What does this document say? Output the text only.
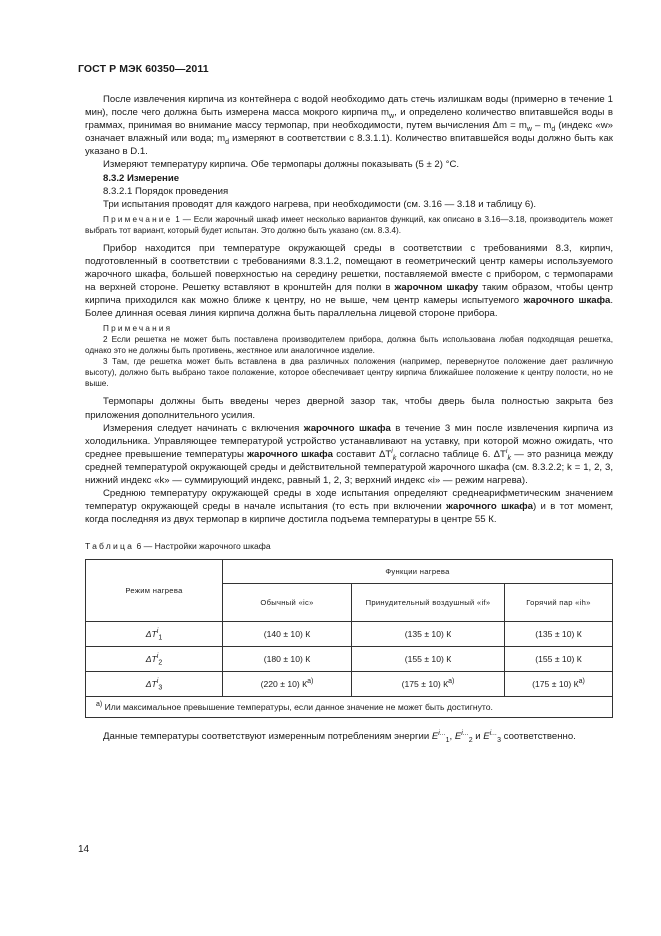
ГОСТ Р МЭК 60350—2011

После извлечения кирпича из контейнера с водой необходимо дать стечь излишкам воды (примерно в течение 1 мин), после чего должна быть измерена масса мокрого кирпича $m_w$, и определено количество впитавшейся воды в граммах, принимая во внимание массу термопар, при необходимости, путем вычисления $\Delta m = m_w - m_d$ (индекс «w» означает влажный или вода; $m_d$ измеряют в соответствии с 8.3.1.1). Количество впитавшейся воды должно быть как указано в D.1.

Измеряют температуру кирпича. Обе термопары должны показывать (5 ± 2) °С.

8.3.2 Измерение

8.3.2.1 Порядок проведения

Три испытания проводят для каждого нагрева, при необходимости (см. 3.16 — 3.18 и таблицу 6).

Примечание 1 — Если жарочный шкаф имеет несколько вариантов функций, как описано в 3.16—3.18, производитель может выбрать тот вариант, который будет испытан. Это должно быть указано (см. 8.3.4).

Прибор находится при температуре окружающей среды в соответствии с требованиями 8.3, кирпич, подготовленный в соответствии с требованиями 8.3.1.2, помещают в геометрический центр камеры используемого жарочного шкафа, большей поверхностью на середину решетки, поставляемой вместе с прибором, с термопарами на верхней стороне. Решетку вставляют в кронштейн для полки в жарочном шкафу таким образом, чтобы центр кирпича приходился как можно ближе к центру, но не выше, чем центр камеры испытуемого жарочного шкафа. Более длинная осевая линия кирпича должна быть параллельна лицевой стороне прибора.

Примечания

2 Если решетка не может быть поставлена производителем прибора, должна быть использована любая подходящая решетка, однако это не должны быть противень, жестяное или аналогичное изделие.

3 Там, где решетка может быть вставлена в два различных положения (например, перевернутое положение дает различную высоту), должно быть выбрано такое положение, которое обеспечивает центру кирпича ближайшее положение к центру полости, но не выше.

Термопары должны быть введены через дверной зазор так, чтобы дверь была полностью закрыта без приложения дополнительного усилия.

Измерения следует начинать с включения жарочного шкафа в течение 3 мин после извлечения кирпича из холодильника. Управляющее температурой устройство устанавливают на уставку, при которой можно ожидать, что среднее превышение температуры жарочного шкафа составит $\Delta T^i_k$ согласно таблице 6. $\Delta T^i_k$ — это разница между средней температурой окружающей среды и действительной температурой жарочного шкафа (см. 8.3.2.2; k = 1, 2, 3, нижний индекс «k» — суммирующий индекс, равный 1, 2, 3; верхний индекс «i» — режим нагрева).

Среднюю температуру окружающей среды в ходе испытания определяют среднеарифметическим значением температур окружающей среды в начале испытания (то есть при включении жарочного шкафа) и в тот момент, когда последняя из двух термопар в кирпиче достигла подъема температуры в центре 55 К.

Таблица 6 — Настройки жарочного шкафа

Режим нагрева	Функции нагрева		
	Обычный «ic»	Принудительный воздушный «if»	Горячий пар «ih»
$\Delta T^i_1$	(140 ± 10) К	(135 ± 10) К	(135 ± 10) К
$\Delta T^i_2$	(180 ± 10) К	(155 ± 10) К	(155 ± 10) К
$\Delta T^i_3$	(220 ± 10) $К^{а)}$	(175 ± 10) $К^{а)}$	(175 ± 10) $К^{а)}$
$^{а)}$ Или максимальное превышение температуры, если данное значение не может быть достигнуто.			

Данные температуры соответствуют измеренным потреблениям энергии $E^{i...}_1$, $E^{i...}_2$ и $E^{i...}_3$ соответственно.

14
